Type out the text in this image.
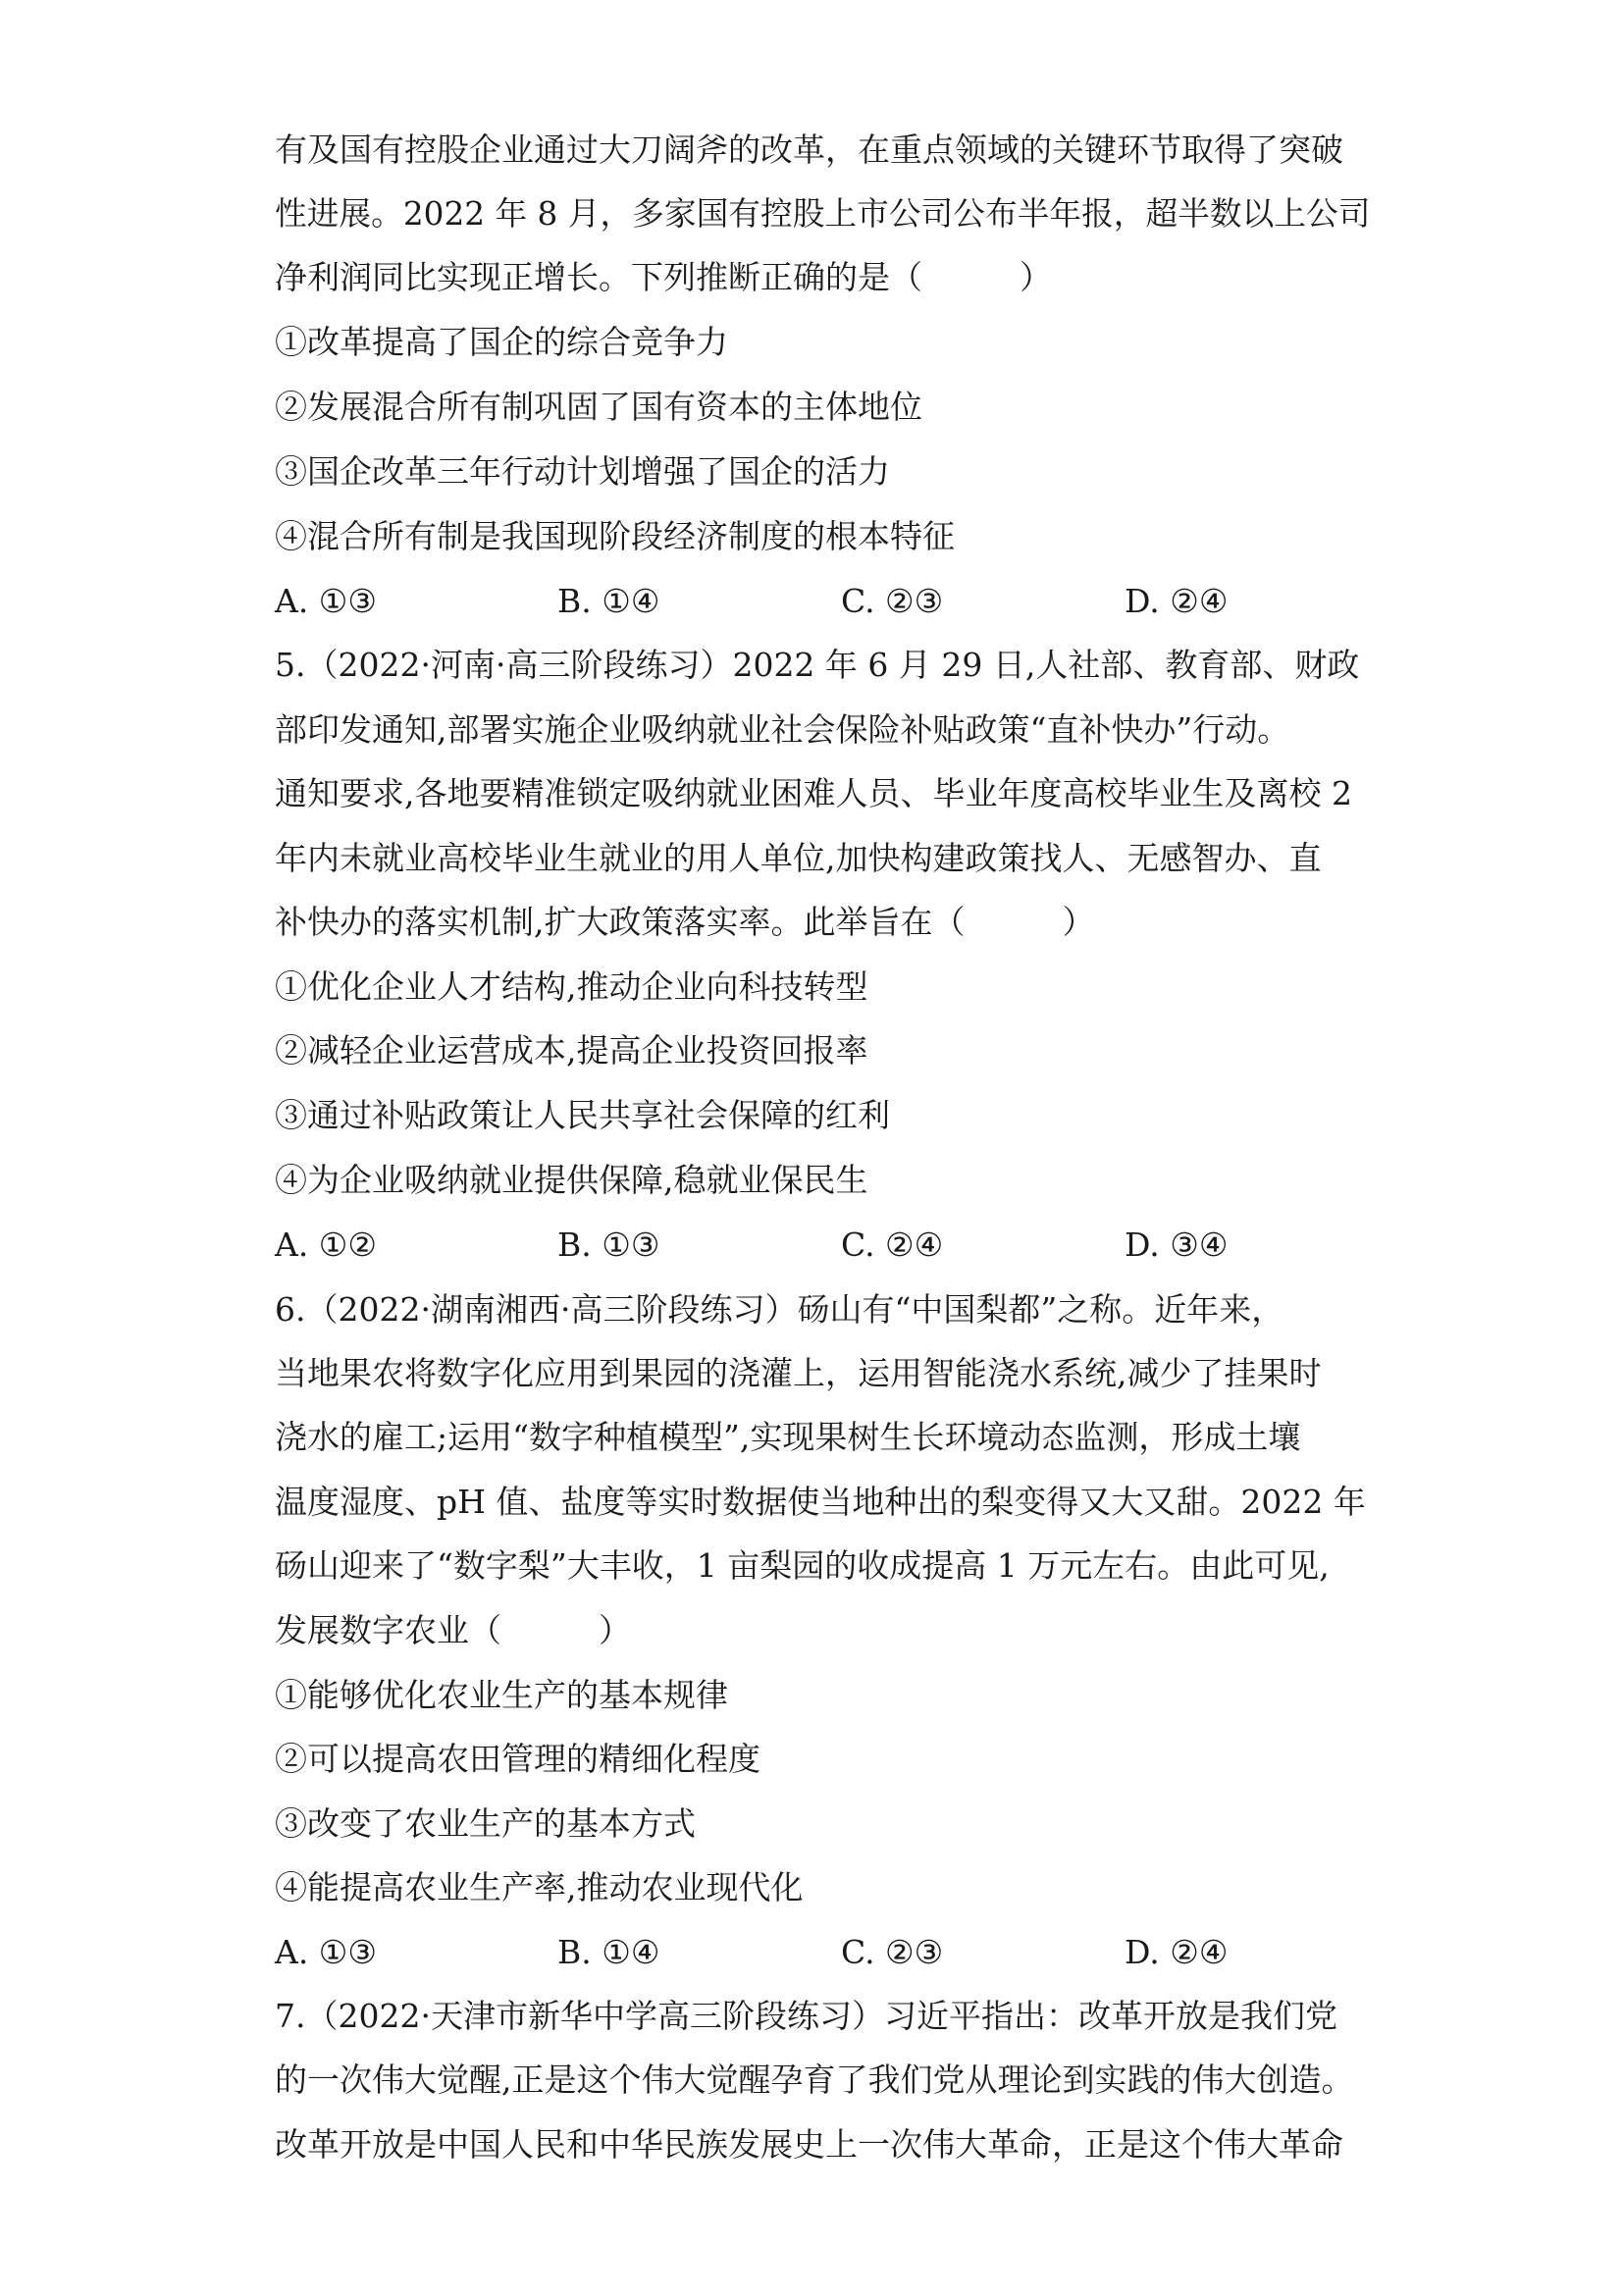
有及国有控股企业通过大刀阔斧的改革，在重点领域的关键环节取得了突破
性进展。2022 年 8 月，多家国有控股上市公司公布半年报，超半数以上公司
净利润同比实现正增长。下列推断正确的是（　　　）
①改革提高了国企的综合竞争力
②发展混合所有制巩固了国有资本的主体地位
③国企改革三年行动计划增强了国企的活力
④混合所有制是我国现阶段经济制度的根本特征
A. ①③	B. ①④	C. ②③	D. ②④
5.（2022·河南·高三阶段练习）2022 年 6 月 29 日,人社部、教育部、财政
部印发通知,部署实施企业吸纳就业社会保险补贴政策“直补快办”行动。
通知要求,各地要精准锁定吸纳就业困难人员、毕业年度高校毕业生及离校 2
年内未就业高校毕业生就业的用人单位,加快构建政策找人、无感智办、直
补快办的落实机制,扩大政策落实率。此举旨在（　　　）
①优化企业人才结构,推动企业向科技转型
②减轻企业运营成本,提高企业投资回报率
③通过补贴政策让人民共享社会保障的红利
④为企业吸纳就业提供保障,稳就业保民生
A. ①②	B. ①③	C. ②④	D. ③④
6.（2022·湖南湘西·高三阶段练习）砀山有“中国梨都”之称。近年来，
当地果农将数字化应用到果园的浇灌上，运用智能浇水系统,减少了挂果时
浇水的雇工;运用“数字种植模型”,实现果树生长环境动态监测，形成土壤
温度湿度、pH 值、盐度等实时数据使当地种出的梨变得又大又甜。2022 年
砀山迎来了“数字梨”大丰收，1 亩梨园的收成提高 1 万元左右。由此可见,
发展数字农业（　　　）
①能够优化农业生产的基本规律
②可以提高农田管理的精细化程度
③改变了农业生产的基本方式
④能提高农业生产率,推动农业现代化
A. ①③	B. ①④	C. ②③	D. ②④
7.（2022·天津市新华中学高三阶段练习）习近平指出：改革开放是我们党
的一次伟大觉醒,正是这个伟大觉醒孕育了我们党从理论到实践的伟大创造。
改革开放是中国人民和中华民族发展史上一次伟大革命，正是这个伟大革命
